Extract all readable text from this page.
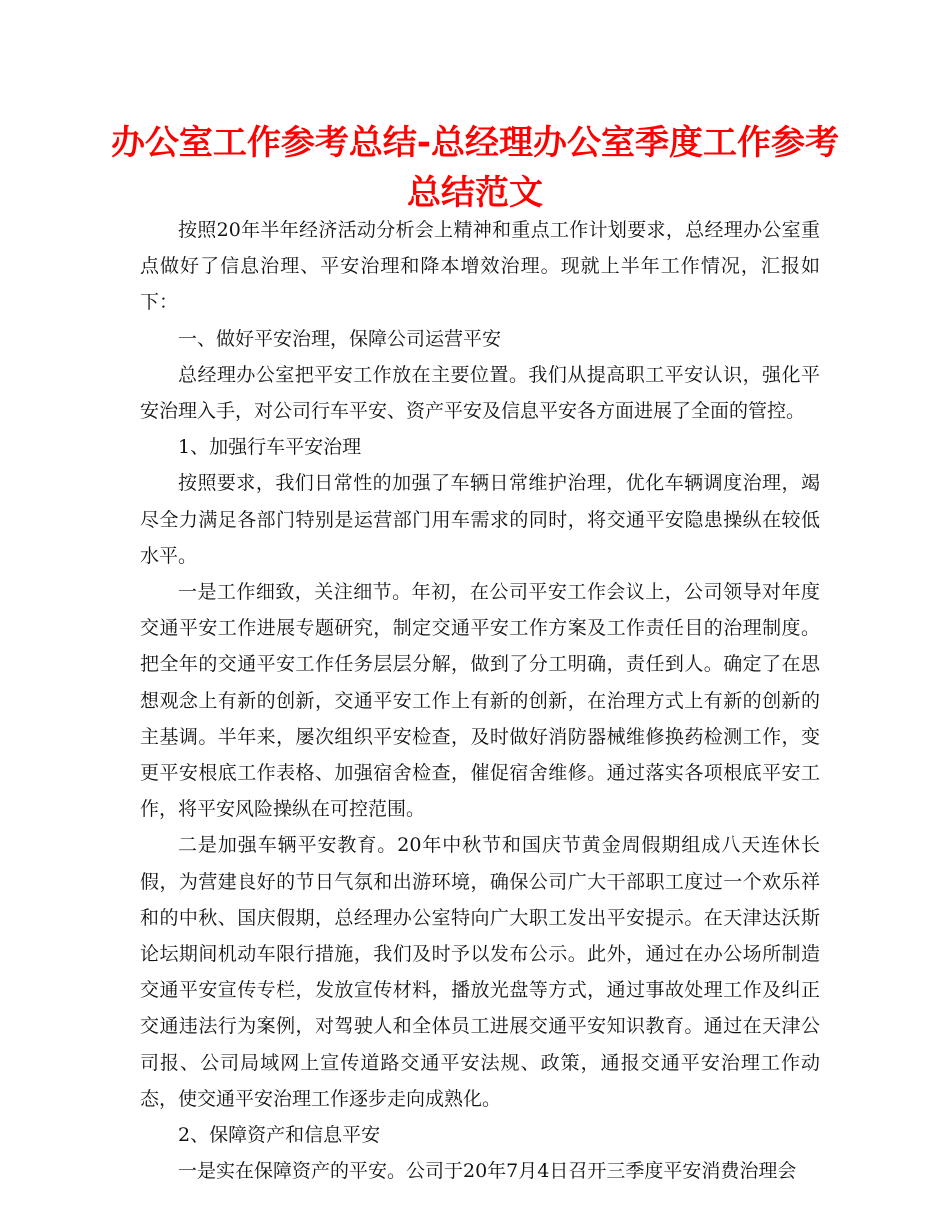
办公室工作参考总结-总经理办公室季度工作参考总结范文

按照20年半年经济活动分析会上精神和重点工作计划要求，总经理办公室重点做好了信息治理、平安治理和降本增效治理。现就上半年工作情况，汇报如下：

一、做好平安治理，保障公司运营平安

总经理办公室把平安工作放在主要位置。我们从提高职工平安认识，强化平安治理入手，对公司行车平安、资产平安及信息平安各方面进展了全面的管控。

1、加强行车平安治理

按照要求，我们日常性的加强了车辆日常维护治理，优化车辆调度治理，竭尽全力满足各部门特别是运营部门用车需求的同时，将交通平安隐患操纵在较低水平。

一是工作细致，关注细节。年初，在公司平安工作会议上，公司领导对年度交通平安工作进展专题研究，制定交通平安工作方案及工作责任目的治理制度。把全年的交通平安工作任务层层分解，做到了分工明确，责任到人。确定了在思想观念上有新的创新，交通平安工作上有新的创新，在治理方式上有新的创新的主基调。半年来，屡次组织平安检查，及时做好消防器械维修换药检测工作，变更平安根底工作表格、加强宿舍检查，催促宿舍维修。通过落实各项根底平安工作，将平安风险操纵在可控范围。

二是加强车辆平安教育。20年中秋节和国庆节黄金周假期组成八天连休长假，为营建良好的节日气氛和出游环境，确保公司广大干部职工度过一个欢乐祥和的中秋、国庆假期，总经理办公室特向广大职工发出平安提示。在天津达沃斯论坛期间机动车限行措施，我们及时予以发布公示。此外，通过在办公场所制造交通平安宣传专栏，发放宣传材料，播放光盘等方式，通过事故处理工作及纠正交通违法行为案例，对驾驶人和全体员工进展交通平安知识教育。通过在天津公司报、公司局域网上宣传道路交通平安法规、政策，通报交通平安治理工作动态，使交通平安治理工作逐步走向成熟化。

2、保障资产和信息平安

一是实在保障资产的平安。公司于20年7月4日召开三季度平安消费治理会
